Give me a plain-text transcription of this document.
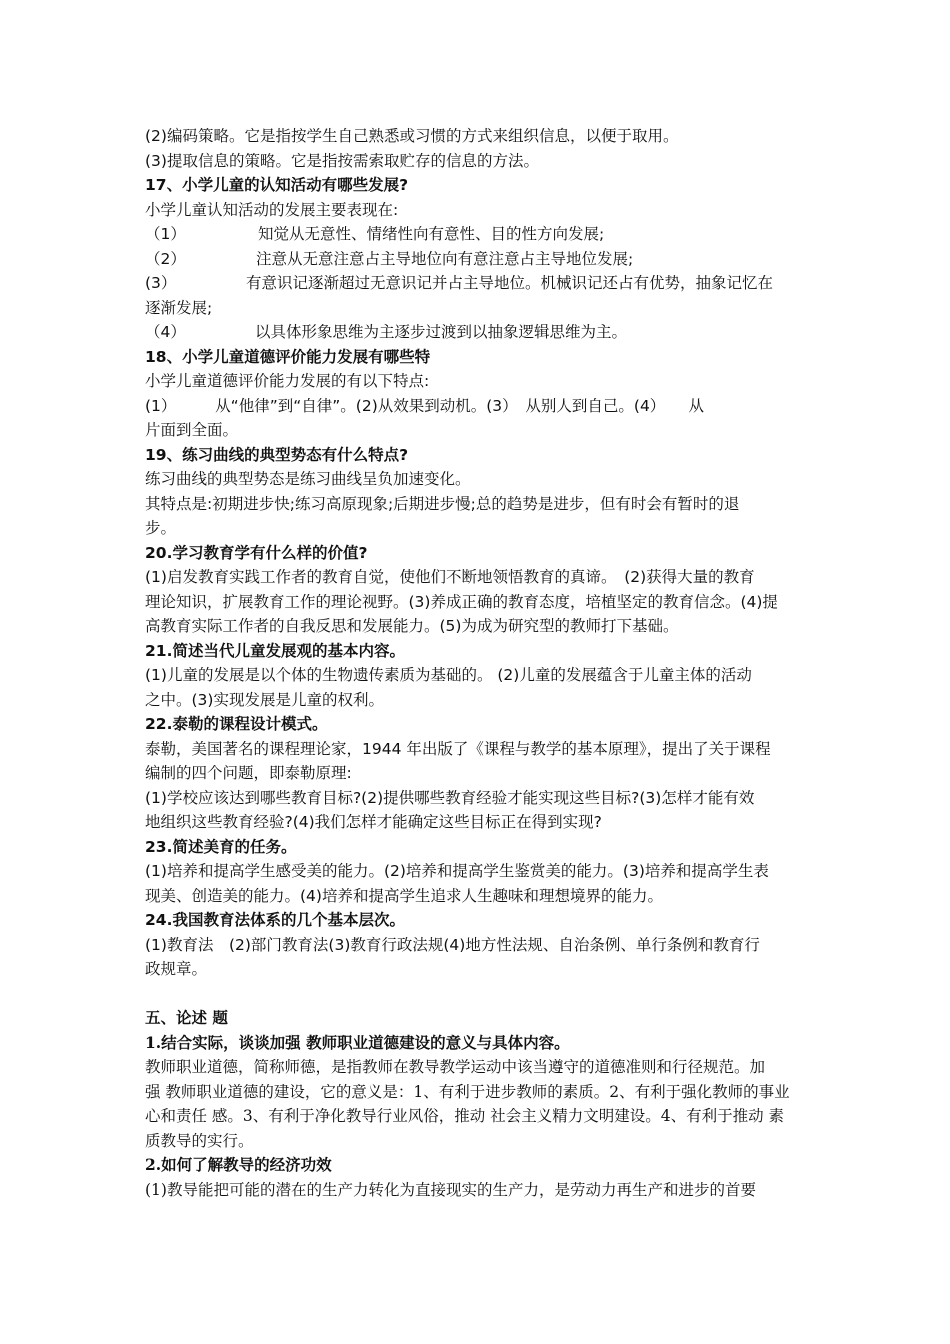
(2)编码策略。它是指按学生自己熟悉或习惯的方式来组织信息，以便于取用。

(3)提取信息的策略。它是指按需索取贮存的信息的方法。

17、小学儿童的认知活动有哪些发展?

小学儿童认知活动的发展主要表现在:

（1）	知觉从无意性、情绪性向有意性、目的性方向发展;
（2）	注意从无意注意占主导地位向有意注意占主导地位发展;
(3）	有意识记逐渐超过无意识记并占主导地位。机械识记还占有优势，抽象记忆在

逐渐发展;

（4）	以具体形象思维为主逐步过渡到以抽象逻辑思维为主。

18、小学儿童道德评价能力发展有哪些特

小学儿童道德评价能力发展的有以下特点:

(1）　　　从“他律”到“自律”。(2)从效果到动机。(3）　从别人到自己。(4）　　从

片面到全面。

19、练习曲线的典型势态有什么特点?

练习曲线的典型势态是练习曲线呈负加速变化。

其特点是:初期进步快;练习高原现象;后期进步慢;总的趋势是进步，但有时会有暂时的退

步。

20.学习教育学有什么样的价值?

(1)启发教育实践工作者的教育自觉，使他们不断地领悟教育的真谛。　(2)获得大量的教育

理论知识，扩展教育工作的理论视野。(3)养成正确的教育态度，培植坚定的教育信念。(4)提

高教育实际工作者的自我反思和发展能力。(5)为成为研究型的教师打下基础。

21.简述当代儿童发展观的基本内容。

(1)儿童的发展是以个体的生物遗传素质为基础的。 (2)儿童的发展蕴含于儿童主体的活动

之中。(3)实现发展是儿童的权利。

22.泰勒的课程设计模式。

泰勒，美国著名的课程理论家，1944 年出版了《课程与教学的基本原理》，提出了关于课程

编制的四个问题，即泰勒原理:

(1)学校应该达到哪些教育目标?(2)提供哪些教育经验才能实现这些目标?(3)怎样才能有效

地组织这些教育经验?(4)我们怎样才能确定这些目标正在得到实现?

23.简述美育的任务。

(1)培养和提高学生感受美的能力。(2)培养和提高学生鉴赏美的能力。(3)培养和提高学生表

现美、创造美的能力。(4)培养和提高学生追求人生趣味和理想境界的能力。

24.我国教育法体系的几个基本层次。

(1)教育法　(2)部门教育法(3)教育行政法规(4)地方性法规、自治条例、单行条例和教育行

政规章。

五、论述 题

1.结合实际，谈谈加强 教师职业道德建设的意义与具体内容。

教师职业道德，简称师德，是指教师在教导教学运动中该当遵守的道德准则和行径规范。加

强 教师职业道德的建设，它的意义是：1、有利于进步教师的素质。2、有利于强化教师的事业

心和责任 感。3、有利于净化教导行业风俗，推动 社会主义精力文明建设。4、有利于推动 素

质教导的实行。

2.如何了解教导的经济功效

(1)教导能把可能的潜在的生产力转化为直接现实的生产力，是劳动力再生产和进步的首要
